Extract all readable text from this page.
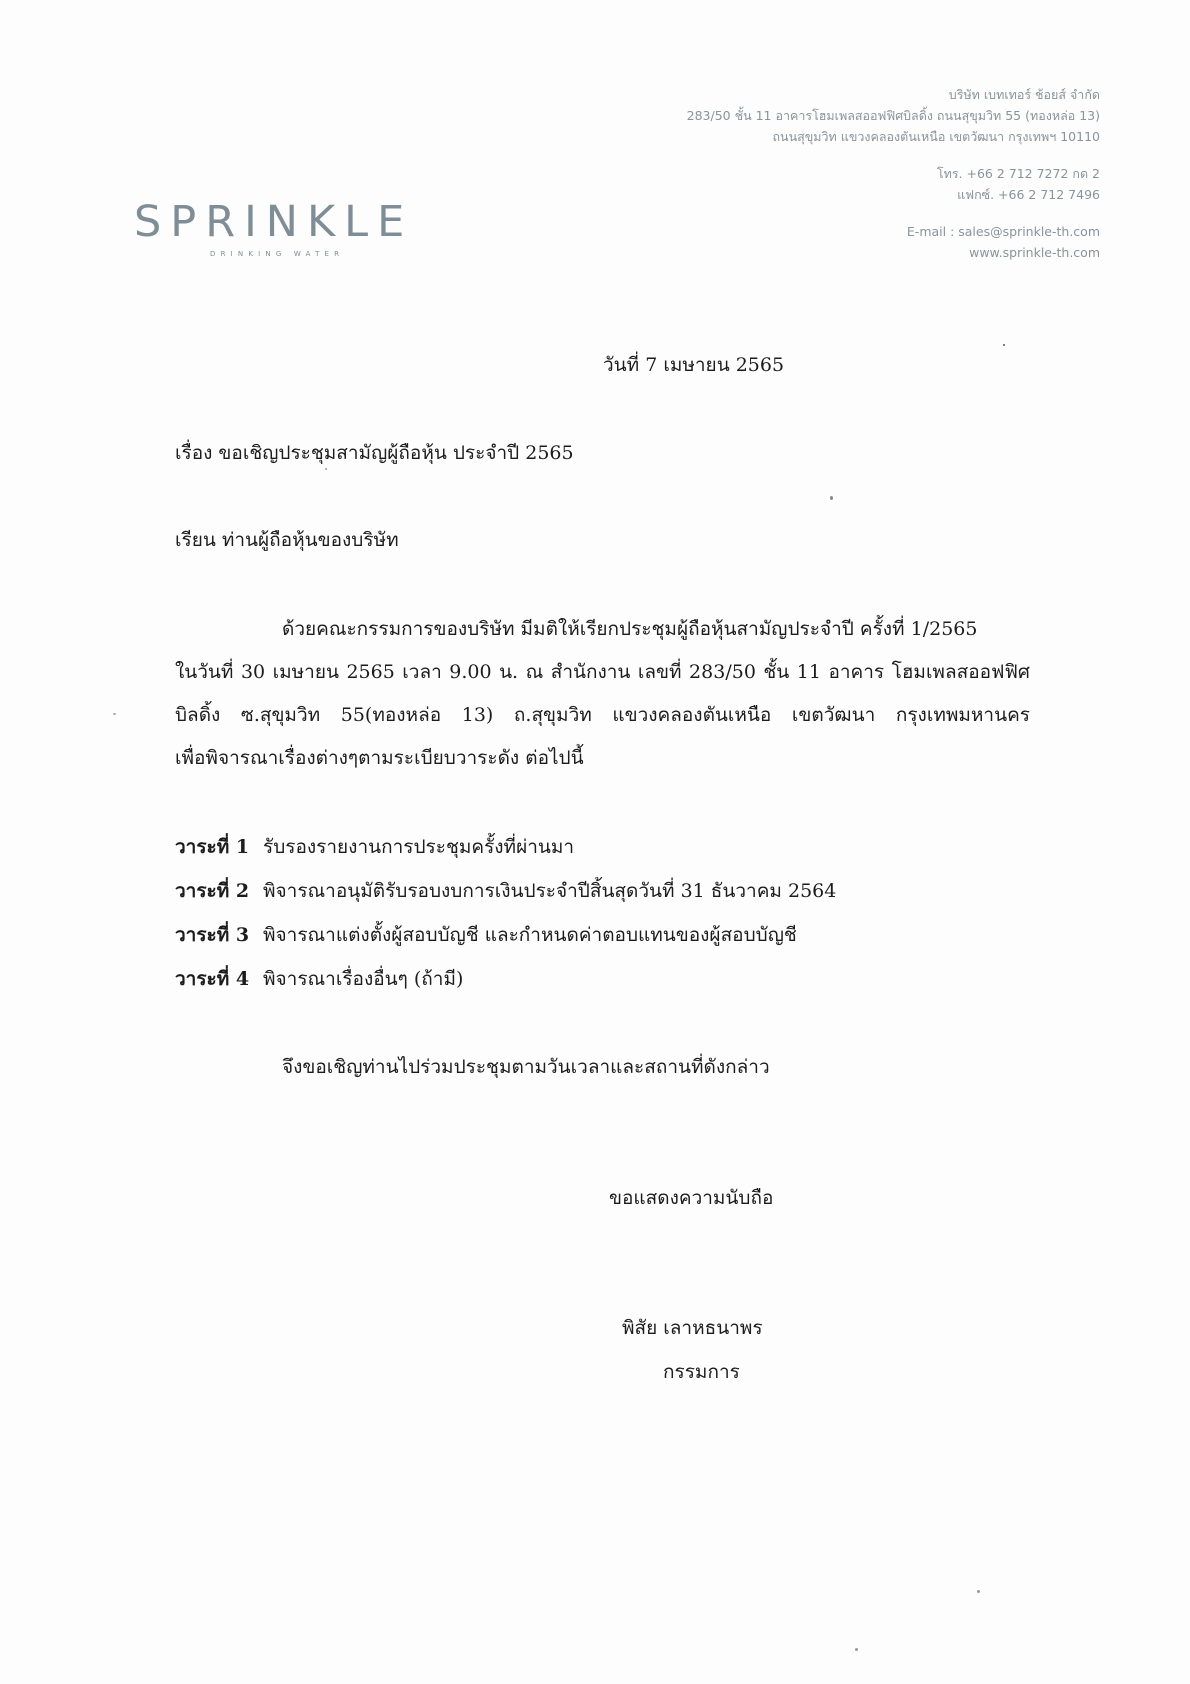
บริษัท เบทเทอร์ ช้อยส์ จำกัด
283/50 ชั้น 11 อาคารโฮมเพลสออฟฟิศบิลดิ้ง ถนนสุขุมวิท 55 (ทองหล่อ 13)
ถนนสุขุมวิท แขวงคลองตันเหนือ เขตวัฒนา กรุงเทพฯ 10110
โทร. +66 2 712 7272 กด 2
แฟกซ์. +66 2 712 7496
E-mail : sales@sprinkle-th.com
www.sprinkle-th.com
SPRINKLE
DRINKING WATER
วันที่ 7 เมษายน 2565
เรื่อง ขอเชิญประชุมสามัญผู้ถือหุ้น ประจำปี 2565
เรียน ท่านผู้ถือหุ้นของบริษัท
ด้วยคณะกรรมการของบริษัท มีมติให้เรียกประชุมผู้ถือหุ้นสามัญประจำปี ครั้งที่ 1/2565
ในวันที่ 30 เมษายน 2565 เวลา 9.00 น. ณ สำนักงาน เลขที่ 283/50 ชั้น 11 อาคาร โฮมเพลสออฟฟิศ
บิลดิ้ง ซ.สุขุมวิท 55(ทองหล่อ 13) ถ.สุขุมวิท แขวงคลองตันเหนือ เขตวัฒนา กรุงเทพมหานคร
เพื่อพิจารณาเรื่องต่างๆตามระเบียบวาระดัง ต่อไปนี้
วาระที่ 1 รับรองรายงานการประชุมครั้งที่ผ่านมา
วาระที่ 2 พิจารณาอนุมัติรับรอบงบการเงินประจำปีสิ้นสุดวันที่ 31 ธันวาคม 2564
วาระที่ 3 พิจารณาแต่งตั้งผู้สอบบัญชี และกำหนดค่าตอบแทนของผู้สอบบัญชี
วาระที่ 4 พิจารณาเรื่องอื่นๆ (ถ้ามี)
จึงขอเชิญท่านไปร่วมประชุมตามวันเวลาและสถานที่ดังกล่าว
ขอแสดงความนับถือ
พิสัย เลาหธนาพร
กรรมการ
